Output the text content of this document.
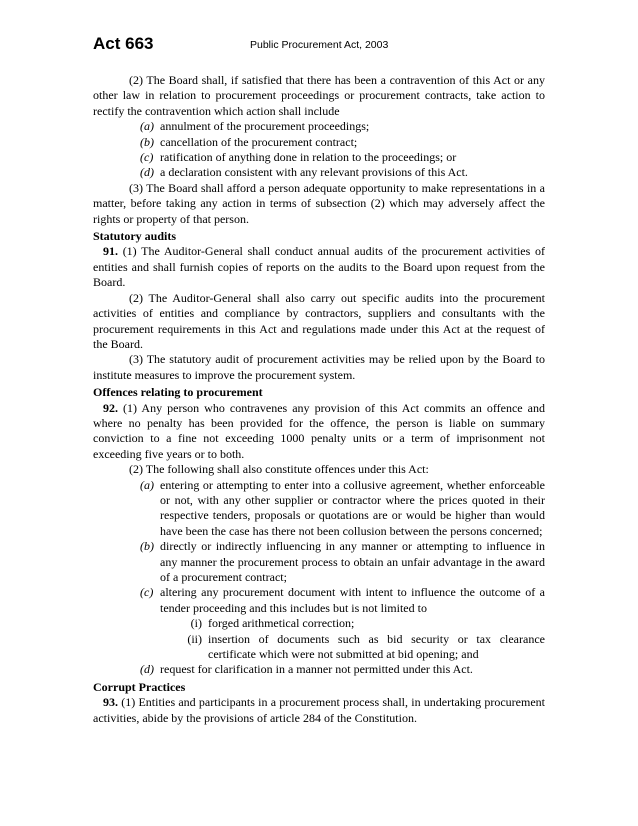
Act 663	Public Procurement Act, 2003

(2) The Board shall, if satisfied that there has been a contravention of this Act or any other law in relation to procurement proceedings or procurement contracts, take action to rectify the contravention which action shall include

(a) annulment of the procurement proceedings;
(b) cancellation of the procurement contract;
(c) ratification of anything done in relation to the proceedings; or
(d) a declaration consistent with any relevant provisions of this Act.

(3) The Board shall afford a person adequate opportunity to make representations in a matter, before taking any action in terms of subsection (2) which may adversely affect the rights or property of that person.

Statutory audits

91. (1) The Auditor-General shall conduct annual audits of the procurement activities of entities and shall furnish copies of reports on the audits to the Board upon request from the Board.

(2) The Auditor-General shall also carry out specific audits into the procurement activities of entities and compliance by contractors, suppliers and consultants with the procurement requirements in this Act and regulations made under this Act at the request of the Board.

(3) The statutory audit of procurement activities may be relied upon by the Board to institute measures to improve the procurement system.

Offences relating to procurement

92. (1) Any person who contravenes any provision of this Act commits an offence and where no penalty has been provided for the offence, the person is liable on summary conviction to a fine not exceeding 1000 penalty units or a term of imprisonment not exceeding five years or to both.

(2) The following shall also constitute offences under this Act:

(a) entering or attempting to enter into a collusive agreement, whether enforceable or not, with any other supplier or contractor where the prices quoted in their respective tenders, proposals or quotations are or would be higher than would have been the case has there not been collusion between the persons concerned;
(b) directly or indirectly influencing in any manner or attempting to influence in any manner the procurement process to obtain an unfair advantage in the award of a procurement contract;
(c) altering any procurement document with intent to influence the outcome of a tender proceeding and this includes but is not limited to
(i) forged arithmetical correction;
(ii) insertion of documents such as bid security or tax clearance certificate which were not submitted at bid opening; and
(d) request for clarification in a manner not permitted under this Act.
Corrupt Practices

93. (1) Entities and participants in a procurement process shall, in undertaking procurement activities, abide by the provisions of article 284 of the Constitution.
